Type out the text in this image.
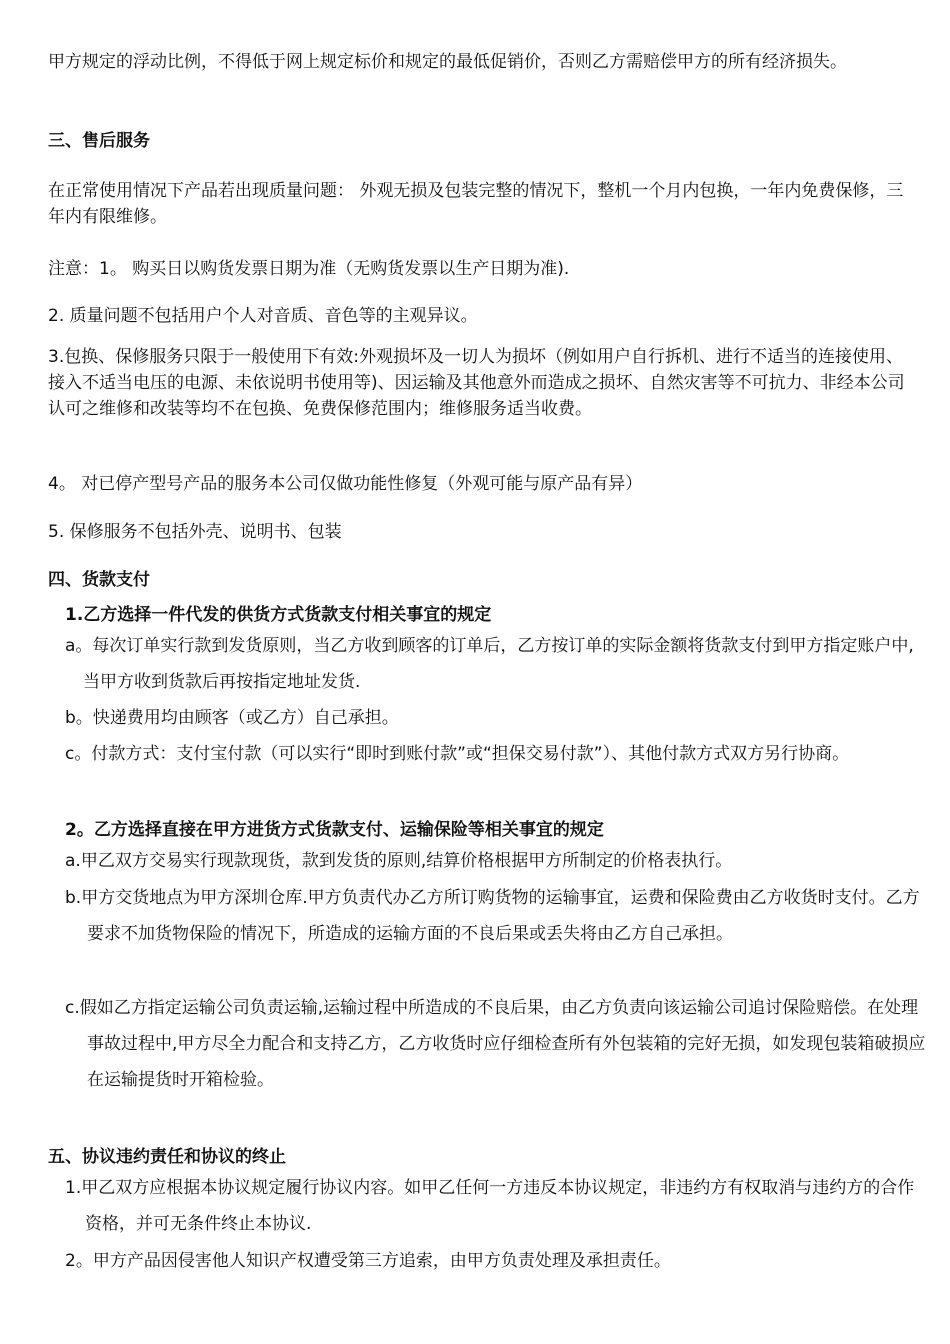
甲方规定的浮动比例，不得低于网上规定标价和规定的最低促销价，否则乙方需赔偿甲方的所有经济损失。

三、售后服务

在正常使用情况下产品若出现质量问题： 外观无损及包装完整的情况下，整机一个月内包换，一年内免费保修，三年内有限维修。

注意：1。 购买日以购货发票日期为准（无购货发票以生产日期为准).

2. 质量问题不包括用户个人对音质、音色等的主观异议。

3.包换、保修服务只限于一般使用下有效:外观损坏及一切人为损坏（例如用户自行拆机、进行不适当的连接使用、接入不适当电压的电源、未依说明书使用等)、因运输及其他意外而造成之损坏、自然灾害等不可抗力、非经本公司认可之维修和改装等均不在包换、免费保修范围内；维修服务适当收费。

4。 对已停产型号产品的服务本公司仅做功能性修复（外观可能与原产品有异）

5. 保修服务不包括外壳、说明书、包装

四、货款支付

1.乙方选择一件代发的供货方式货款支付相关事宜的规定

a。每次订单实行款到发货原则，当乙方收到顾客的订单后，乙方按订单的实际金额将货款支付到甲方指定账户中,当甲方收到货款后再按指定地址发货.

b。快递费用均由顾客（或乙方）自己承担。

c。付款方式：支付宝付款（可以实行“即时到账付款”或“担保交易付款”）、其他付款方式双方另行协商。

2。乙方选择直接在甲方进货方式货款支付、运输保险等相关事宜的规定

a.甲乙双方交易实行现款现货，款到发货的原则,结算价格根据甲方所制定的价格表执行。

b.甲方交货地点为甲方深圳仓库.甲方负责代办乙方所订购货物的运输事宜，运费和保险费由乙方收货时支付。乙方要求不加货物保险的情况下，所造成的运输方面的不良后果或丢失将由乙方自己承担。

c.假如乙方指定运输公司负责运输,运输过程中所造成的不良后果，由乙方负责向该运输公司追讨保险赔偿。在处理事故过程中,甲方尽全力配合和支持乙方，乙方收货时应仔细检查所有外包装箱的完好无损，如发现包装箱破损应在运输提货时开箱检验。

五、协议违约责任和协议的终止

1.甲乙双方应根据本协议规定履行协议内容。如甲乙任何一方违反本协议规定，非违约方有权取消与违约方的合作资格，并可无条件终止本协议.

2。甲方产品因侵害他人知识产权遭受第三方追索，由甲方负责处理及承担责任。
